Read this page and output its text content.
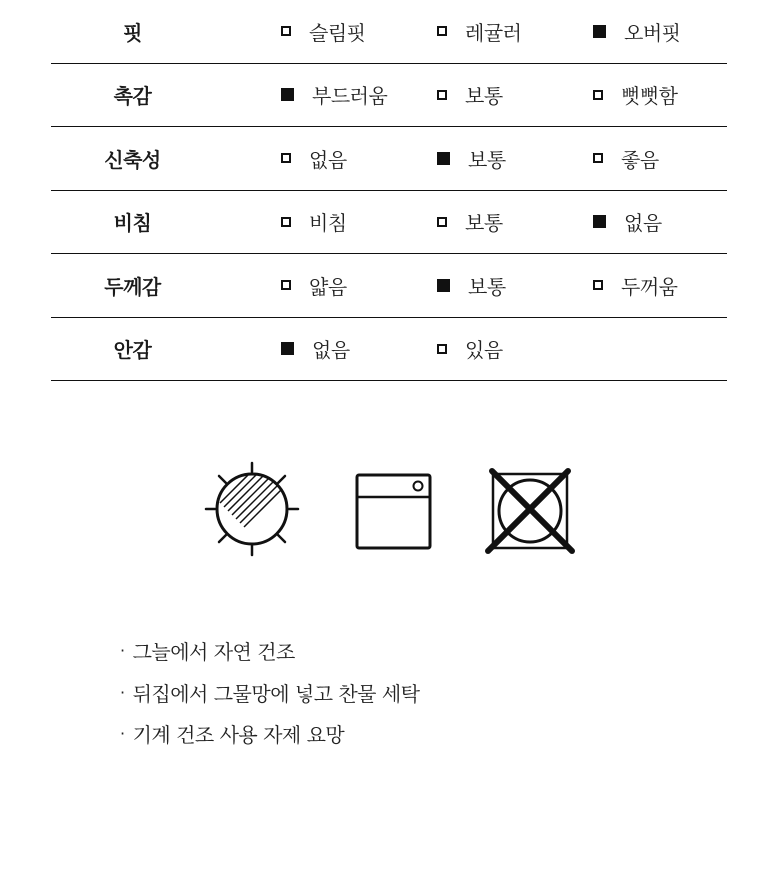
핏	슬림핏	레귤러	오버핏
촉감	부드러움	보통	뻣뻣함
신축성	없음	보통	좋음
비침	비침	보통	없음
두께감	얇음	보통	두꺼움
안감	없음	있음
· 그늘에서 자연 건조
· 뒤집에서 그물망에 넣고 찬물 세탁
· 기계 건조 사용 자제 요망
